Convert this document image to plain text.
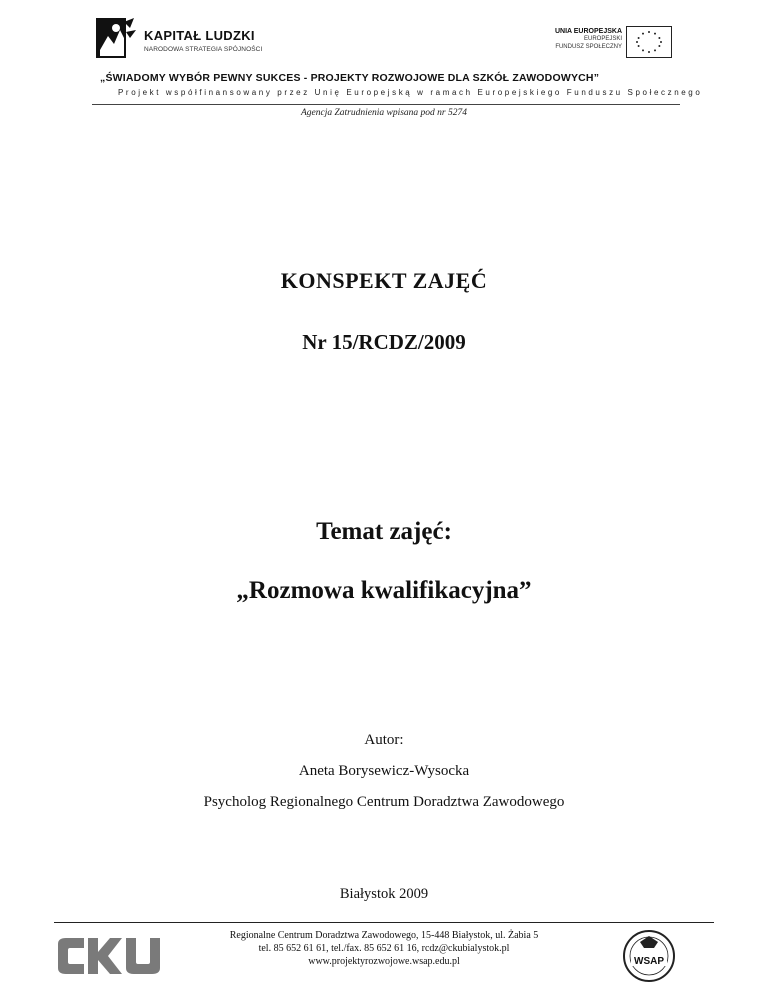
KAPITAŁ LUDZKI
NARODOWA STRATEGIA SPÓJNOŚCI
UNIA EUROPEJSKA
EUROPEJSKI
FUNDUSZ SPOŁECZNY
„ŚWIADOMY WYBÓR PEWNY SUKCES - PROJEKTY ROZWOJOWE DLA SZKÓŁ ZAWODOWYCH”
Projekt współfinansowany przez Unię Europejską w ramach Europejskiego Funduszu Społecznego
Agencja Zatrudnienia wpisana pod nr 5274
KONSPEKT ZAJĘĆ
Nr 15/RCDZ/2009
Temat zajęć:
„Rozmowa kwalifikacyjna”
Autor:
Aneta Borysewicz-Wysocka
Psycholog Regionalnego Centrum Doradztwa Zawodowego
Białystok 2009
Regionalne Centrum Doradztwa Zawodowego, 15-448 Białystok, ul. Żabia 5
tel. 85 652 61 61, tel./fax. 85 652 61 16, rcdz@ckubialystok.pl
www.projektyrozwojowe.wsap.edu.pl	WSAP
